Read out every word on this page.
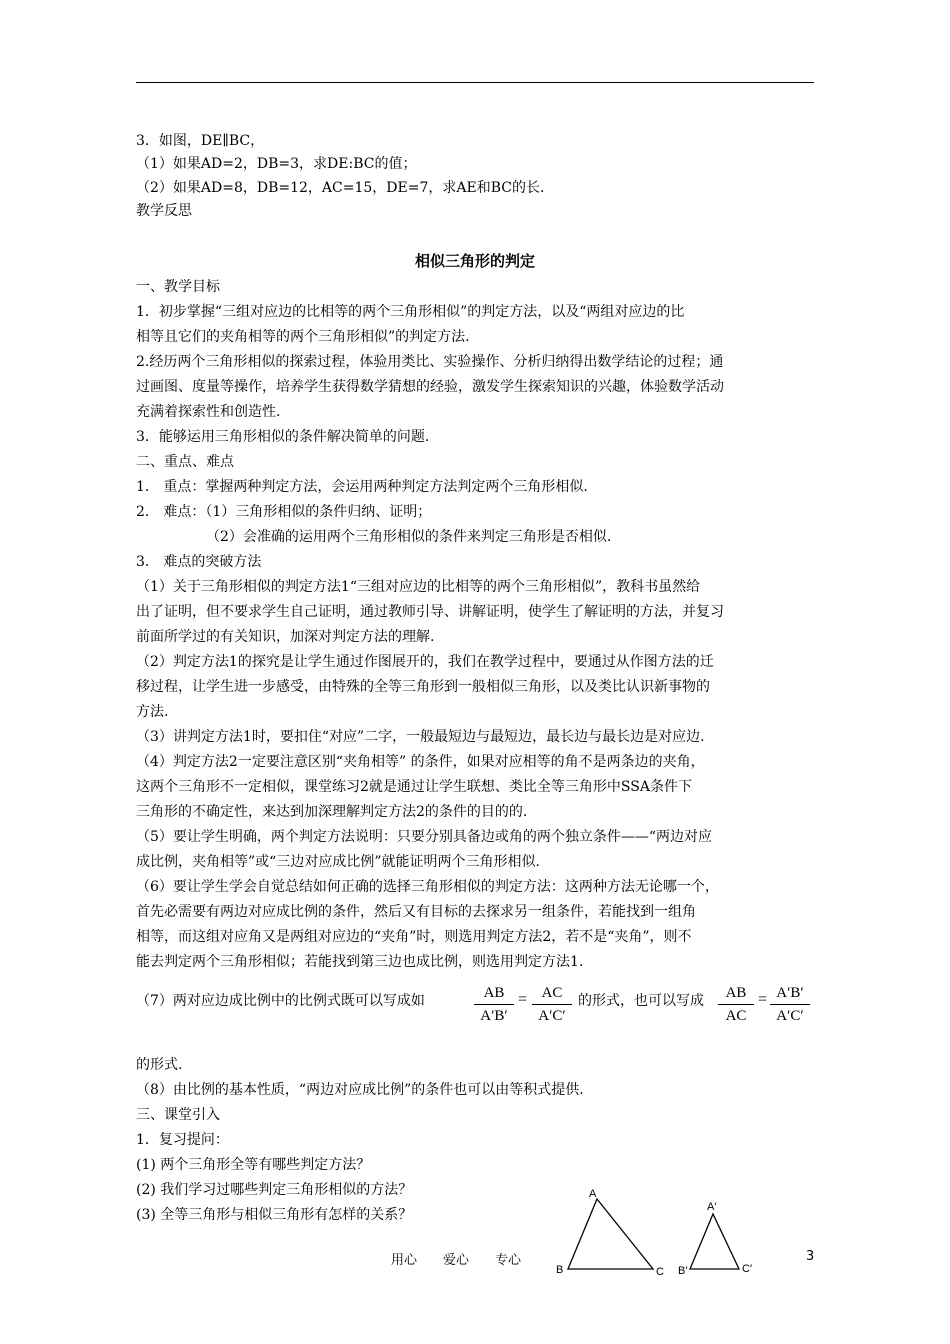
3．如图，DE∥BC，
（1）如果AD=2，DB=3，求DE:BC的值；
（2）如果AD=8，DB=12，AC=15，DE=7，求AE和BC的长．
教学反思
相似三角形的判定
一、教学目标
1．初步掌握“三组对应边的比相等的两个三角形相似”的判定方法，以及“两组对应边的比
相等且它们的夹角相等的两个三角形相似”的判定方法.
2.经历两个三角形相似的探索过程，体验用类比、实验操作、分析归纳得出数学结论的过程；通
过画图、度量等操作，培养学生获得数学猜想的经验，激发学生探索知识的兴趣，体验数学活动
充满着探索性和创造性.
3．能够运用三角形相似的条件解决简单的问题.
二、重点、难点
1． 重点：掌握两种判定方法，会运用两种判定方法判定两个三角形相似.
2． 难点：（1）三角形相似的条件归纳、证明；
（2）会准确的运用两个三角形相似的条件来判定三角形是否相似.
3． 难点的突破方法
（1）关于三角形相似的判定方法1“三组对应边的比相等的两个三角形相似”，教科书虽然给
出了证明，但不要求学生自己证明，通过教师引导、讲解证明，使学生了解证明的方法，并复习
前面所学过的有关知识，加深对判定方法的理解.
（2）判定方法1的探究是让学生通过作图展开的，我们在教学过程中，要通过从作图方法的迁
移过程，让学生进一步感受，由特殊的全等三角形到一般相似三角形，以及类比认识新事物的
方法.
（3）讲判定方法1时，要扣住“对应”二字，一般最短边与最短边，最长边与最长边是对应边.
（4）判定方法2一定要注意区别“夹角相等” 的条件，如果对应相等的角不是两条边的夹角，
这两个三角形不一定相似，课堂练习2就是通过让学生联想、类比全等三角形中SSA条件下
三角形的不确定性，来达到加深理解判定方法2的条件的目的的.
（5）要让学生明确，两个判定方法说明：只要分别具备边或角的两个独立条件——“两边对应
成比例，夹角相等”或“三边对应成比例”就能证明两个三角形相似.
（6）要让学生学会自觉总结如何正确的选择三角形相似的判定方法：这两种方法无论哪一个，
首先必需要有两边对应成比例的条件，然后又有目标的去探求另一组条件，若能找到一组角
相等，而这组对应角又是两组对应边的“夹角”时，则选用判定方法2，若不是“夹角”，则不
能去判定两个三角形相似；若能找到第三边也成比例，则选用判定方法1.
（7）两对应边成比例中的比例式既可以写成如	AB
A′B′
= AC
A′C′
的形式，也可以写成	AB
AC
= A′B′
A′C′
的形式.
（8）由比例的基本性质，“两边对应成比例”的条件也可以由等积式提供.
三、课堂引入
1．复习提问：
(1) 两个三角形全等有哪些判定方法？
(2) 我们学习过哪些判定三角形相似的方法？
(3) 全等三角形与相似三角形有怎样的关系？
A
B	C
A′
B′	C′
用心　　爱心　　专心	3
